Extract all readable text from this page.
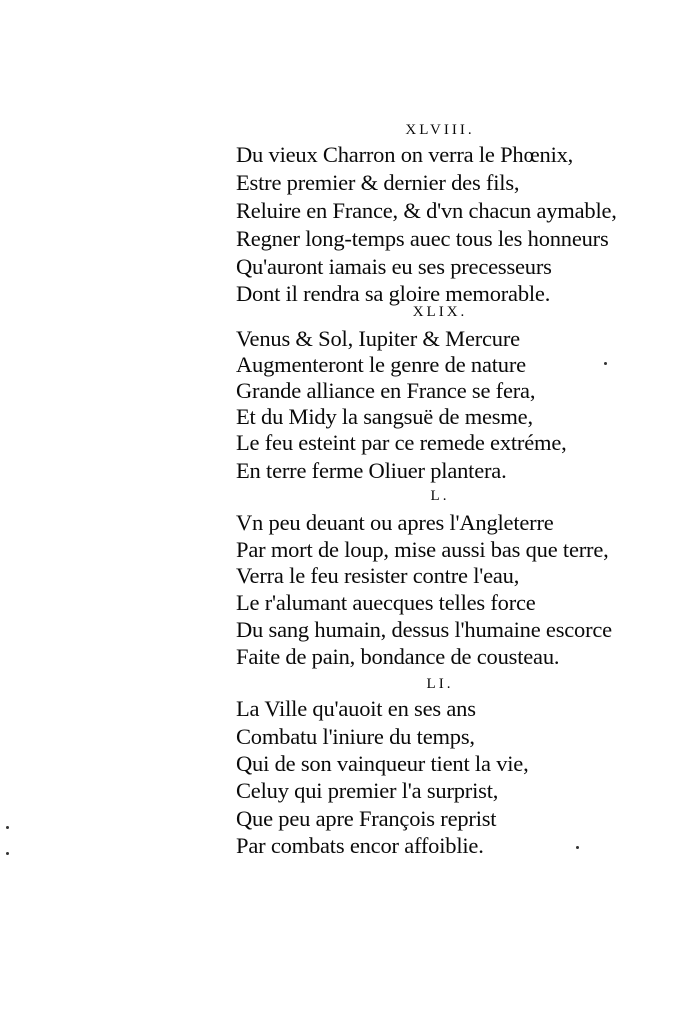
XLVIII.
Du vieux Charron on verra le Phœnix,
Estre premier & dernier des fils,
Reluire en France, & d'vn chacun aymable,
Regner long-temps auec tous les honneurs
Qu'auront iamais eu ses precesseurs
Dont il rendra sa gloire memorable.
XLIX.
Venus & Sol, Iupiter & Mercure
Augmenteront le genre de nature
Grande alliance en France se fera,
Et du Midy la sangsuë de mesme,
Le feu esteint par ce remede extréme,
En terre ferme Oliuer plantera.
L.
Vn peu deuant ou apres l'Angleterre
Par mort de loup, mise aussi bas que terre,
Verra le feu resister contre l'eau,
Le r'alumant auecques telles force
Du sang humain, dessus l'humaine escorce
Faite de pain, bondance de cousteau.
LI.
La Ville qu'auoit en ses ans
Combatu l'iniure du temps,
Qui de son vainqueur tient la vie,
Celuy qui premier l'a surprist,
Que peu apre François reprist
Par combats encor affoiblie.
